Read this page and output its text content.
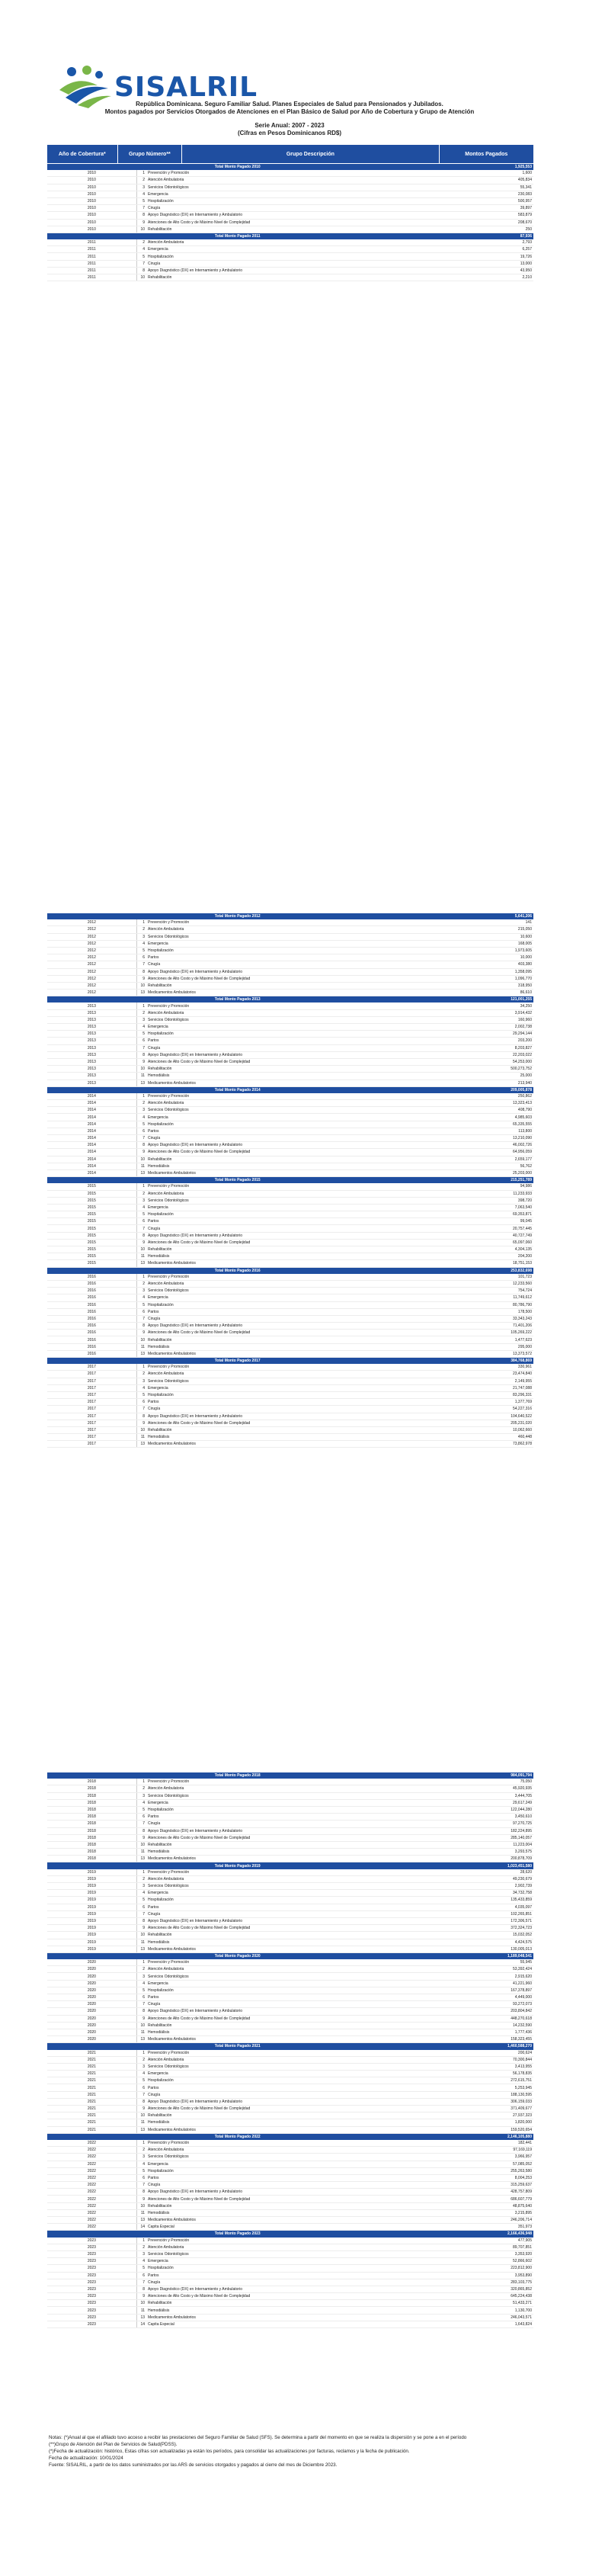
SISALRIL
República Dominicana. Seguro Familiar Salud. Planes Especiales de Salud para Pensionados y Jubilados.
Montos pagados por Servicios Otorgados de Atenciones en el Plan Básico de Salud por Año de Cobertura y Grupo de Atención
Serie Anual: 2007 - 2023
(Cifras en Pesos Dominicanos RD$)
Año de Cobertura*	Grupo Número**	Grupo Descripción	Montos Pagados
Total Monto Pagado 2010			1,925,553
2010	1	Prevención y Promoción	1,600
2010	2	Atención Ambulatoria	405,834
2010	3	Servicios Odontológicos	55,341
2010	4	Emergencia	230,083
2010	5	Hospitalización	500,957
2010	7	Cirugía	39,897
2010	8	Apoyo Diagnóstico (DX) en Internamiento y Ambulatorio	583,879
2010	9	Atenciones de Alto Costo y de Máximo Nivel de Complejidad	208,670
2010	10	Rehabilitación	250
Total Monto Pagado 2011			87,936
2011	2	Atención Ambulatoria	2,793
2011	4	Emergencia	6,257
2011	5	Hospitalización	19,726
2011	7	Cirugía	13,000
2011	8	Apoyo Diagnóstico (DX) en Internamiento y Ambulatorio	43,950
2011	10	Rehabilitación	2,210
Total Monto Pagado 2012			5,641,206
2012	1	Prevención y Promoción	141
2012	2	Atención Ambulatoria	215,050
2012	3	Servicios Odontológicos	10,600
2012	4	Emergencia	168,005
2012	5	Hospitalización	1,973,605
2012	6	Partos	10,000
2012	7	Cirugía	403,380
2012	8	Apoyo Diagnóstico (DX) en Internamiento y Ambulatorio	1,358,095
2012	9	Atenciones de Alto Costo y de Máximo Nivel de Complejidad	1,096,770
2012	10	Rehabilitación	318,950
2012	13	Medicamentos Ambulatorios	86,610
Total Monto Pagado 2013			121,001,255
2013	1	Prevención y Promoción	34,250
2013	2	Atención Ambulatoria	3,914,432
2013	3	Servicios Odontológicos	160,960
2013	4	Emergencia	2,002,738
2013	5	Hospitalización	29,294,144
2013	6	Partos	203,200
2013	7	Cirugía	8,203,827
2013	8	Apoyo Diagnóstico (DX) en Internamiento y Ambulatorio	22,203,022
2013	9	Atenciones de Alto Costo y de Máximo Nivel de Complejidad	54,253,000
2013	10	Rehabilitación	500,273,752
2013	11	Hemodiálisis	25,000
2013	13	Medicamentos Ambulatorios	213,940
Total Monto Pagado 2014			209,005,878
2014	1	Prevención y Promoción	250,862
2014	2	Atención Ambulatoria	13,323,413
2014	3	Servicios Odontológicos	408,790
2014	4	Emergencia	4,985,603
2014	5	Hospitalización	65,335,555
2014	6	Partos	113,800
2014	7	Cirugía	13,210,090
2014	8	Apoyo Diagnóstico (DX) en Internamiento y Ambulatorio	46,002,726
2014	9	Atenciones de Alto Costo y de Máximo Nivel de Complejidad	64,956,059
2014	10	Rehabilitación	2,659,177
2014	11	Hemodiálisis	56,762
2014	13	Medicamentos Ambulatorios	25,203,000
Total Monto Pagado 2015			215,251,789
2015	1	Prevención y Promoción	94,986
2015	2	Atención Ambulatoria	11,233,933
2015	3	Servicios Odontológicos	398,720
2015	4	Emergencia	7,063,540
2015	5	Hospitalización	69,353,871
2015	6	Partos	99,045
2015	7	Cirugía	20,757,445
2015	8	Apoyo Diagnóstico (DX) en Internamiento y Ambulatorio	40,727,749
2015	9	Atenciones de Alto Costo y de Máximo Nivel de Complejidad	65,097,060
2015	10	Rehabilitación	4,304,135
2015	11	Hemodiálisis	204,200
2015	13	Medicamentos Ambulatorios	18,751,153
Total Monto Pagado 2016			253,832,698
2016	1	Prevención y Promoción	101,723
2016	2	Atención Ambulatoria	12,233,560
2016	3	Servicios Odontológicos	754,724
2016	4	Emergencia	11,749,612
2016	5	Hospitalización	80,786,790
2016	6	Partos	178,500
2016	7	Cirugía	33,343,243
2016	8	Apoyo Diagnóstico (DX) en Internamiento y Ambulatorio	71,401,206
2016	9	Atenciones de Alto Costo y de Máximo Nivel de Complejidad	105,269,222
2016	10	Rehabilitación	1,477,623
2016	11	Hemodiálisis	295,000
2016	13	Medicamentos Ambulatorios	13,373,572
Total Monto Pagado 2017			384,768,869
2017	1	Prevención y Promoción	330,961
2017	2	Atención Ambulatoria	23,474,840
2017	3	Servicios Odontológicos	2,149,955
2017	4	Emergencia	21,747,088
2017	5	Hospitalización	83,296,331
2017	6	Partos	1,377,769
2017	7	Cirugía	54,227,316
2017	8	Apoyo Diagnóstico (DX) en Internamiento y Ambulatorio	104,640,522
2017	9	Atenciones de Alto Costo y de Máximo Nivel de Complejidad	205,231,020
2017	10	Rehabilitación	10,062,660
2017	11	Hemodiálisis	460,448
2017	13	Medicamentos Ambulatorios	73,862,978
Total Monto Pagado 2018			984,091,794
2018	1	Prevención y Promoción	75,050
2018	2	Atención Ambulatoria	45,920,935
2018	3	Servicios Odontológicos	3,444,705
2018	4	Emergencia	29,617,249
2018	5	Hospitalización	122,044,280
2018	6	Partos	3,450,610
2018	7	Cirugía	97,270,725
2018	8	Apoyo Diagnóstico (DX) en Internamiento y Ambulatorio	182,224,895
2018	9	Atenciones de Alto Costo y de Máximo Nivel de Complejidad	285,140,057
2018	10	Rehabilitación	11,223,004
2018	11	Hemodiálisis	3,293,575
2018	13	Medicamentos Ambulatorios	200,878,709
Total Monto Pagado 2019			1,023,451,580
2019	1	Prevención y Promoción	28,620
2019	2	Atención Ambulatoria	49,230,679
2019	3	Servicios Odontológicos	2,902,739
2019	4	Emergencia	34,732,758
2019	5	Hospitalización	135,433,859
2019	6	Partos	4,035,097
2019	7	Cirugía	102,265,851
2019	8	Apoyo Diagnóstico (DX) en Internamiento y Ambulatorio	172,306,571
2019	9	Atenciones de Alto Costo y de Máximo Nivel de Complejidad	372,324,723
2019	10	Rehabilitación	15,032,052
2019	11	Hemodiálisis	4,424,575
2019	13	Medicamentos Ambulatorios	130,005,013
Total Monto Pagado 2020			1,189,048,541
2020	1	Prevención y Promoción	55,945
2020	2	Atención Ambulatoria	53,392,424
2020	3	Servicios Odontológicos	2,915,620
2020	4	Emergencia	41,221,960
2020	5	Hospitalización	167,378,897
2020	6	Partos	4,449,000
2020	7	Cirugía	93,272,073
2020	8	Apoyo Diagnóstico (DX) en Internamiento y Ambulatorio	203,804,842
2020	9	Atenciones de Alto Costo y de Máximo Nivel de Complejidad	448,270,618
2020	10	Rehabilitación	14,232,590
2020	11	Hemodiálisis	1,777,436
2020	13	Medicamentos Ambulatorios	158,323,455
Total Monto Pagado 2021			1,460,588,270
2021	1	Prevención y Promoción	200,624
2021	2	Atención Ambulatoria	70,300,844
2021	3	Servicios Odontológicos	3,413,955
2021	4	Emergencia	56,178,835
2021	5	Hospitalización	272,615,751
2021	6	Partos	5,253,945
2021	7	Cirugía	188,130,595
2021	8	Apoyo Diagnóstico (DX) en Internamiento y Ambulatorio	306,159,033
2021	9	Atenciones de Alto Costo y de Máximo Nivel de Complejidad	371,409,677
2021	10	Rehabilitación	27,937,323
2021	11	Hemodiálisis	1,820,000
2021	13	Medicamentos Ambulatorios	159,520,654
Total Monto Pagado 2022			2,146,105,880
2022	1	Prevención y Promoción	182,441
2022	2	Atención Ambulatoria	97,169,119
2022	3	Servicios Odontológicos	3,966,957
2022	4	Emergencia	57,085,052
2022	5	Hospitalización	255,263,580
2022	6	Partos	8,004,253
2022	7	Cirugía	315,259,637
2022	8	Apoyo Diagnóstico (DX) en Internamiento y Ambulatorio	428,757,809
2022	9	Atenciones de Alto Costo y de Máximo Nivel de Complejidad	686,607,779
2022	10	Rehabilitación	48,875,640
2022	11	Hemodiálisis	3,215,895
2022	13	Medicamentos Ambulatorios	246,206,714
2022	14	Capita Especial	351,973
Total Monto Pagado 2023			2,166,436,948
2023	1	Prevención y Promoción	477,905
2023	2	Atención Ambulatoria	89,707,851
2023	3	Servicios Odontológicos	3,353,920
2023	4	Emergencia	52,866,602
2023	5	Hospitalización	223,812,900
2023	6	Partos	3,953,890
2023	7	Cirugía	283,103,775
2023	8	Apoyo Diagnóstico (DX) en Internamiento y Ambulatorio	320,865,852
2023	9	Atenciones de Alto Costo y de Máximo Nivel de Complejidad	645,224,438
2023	10	Rehabilitación	51,433,271
2023	11	Hemodiálisis	1,130,700
2023	13	Medicamentos Ambulatorios	246,043,571
2023	14	Capita Especial	1,643,824
Notas: (*)Anual al que el afiliado tuvo acceso a recibir las prestaciones del Seguro Familiar de Salud (SFS). Se determina a partir del momento en que se realiza la dispersión y se pone a en el período
(**)Grupo de Atención del Plan de Servicios de Salud(PDSS).
(*)Fecha de actualización: histórico, Estas cifras son actualizadas ya están los períodos, para consolidar las actualizaciones por facturas, reclamos y la fecha de publicación.
Fecha de actualización: 10/01/2024
Fuente: SISALRIL, a partir de los datos suministrados por las ARS de servicios otorgados y pagados al cierre del mes de Diciembre 2023.
